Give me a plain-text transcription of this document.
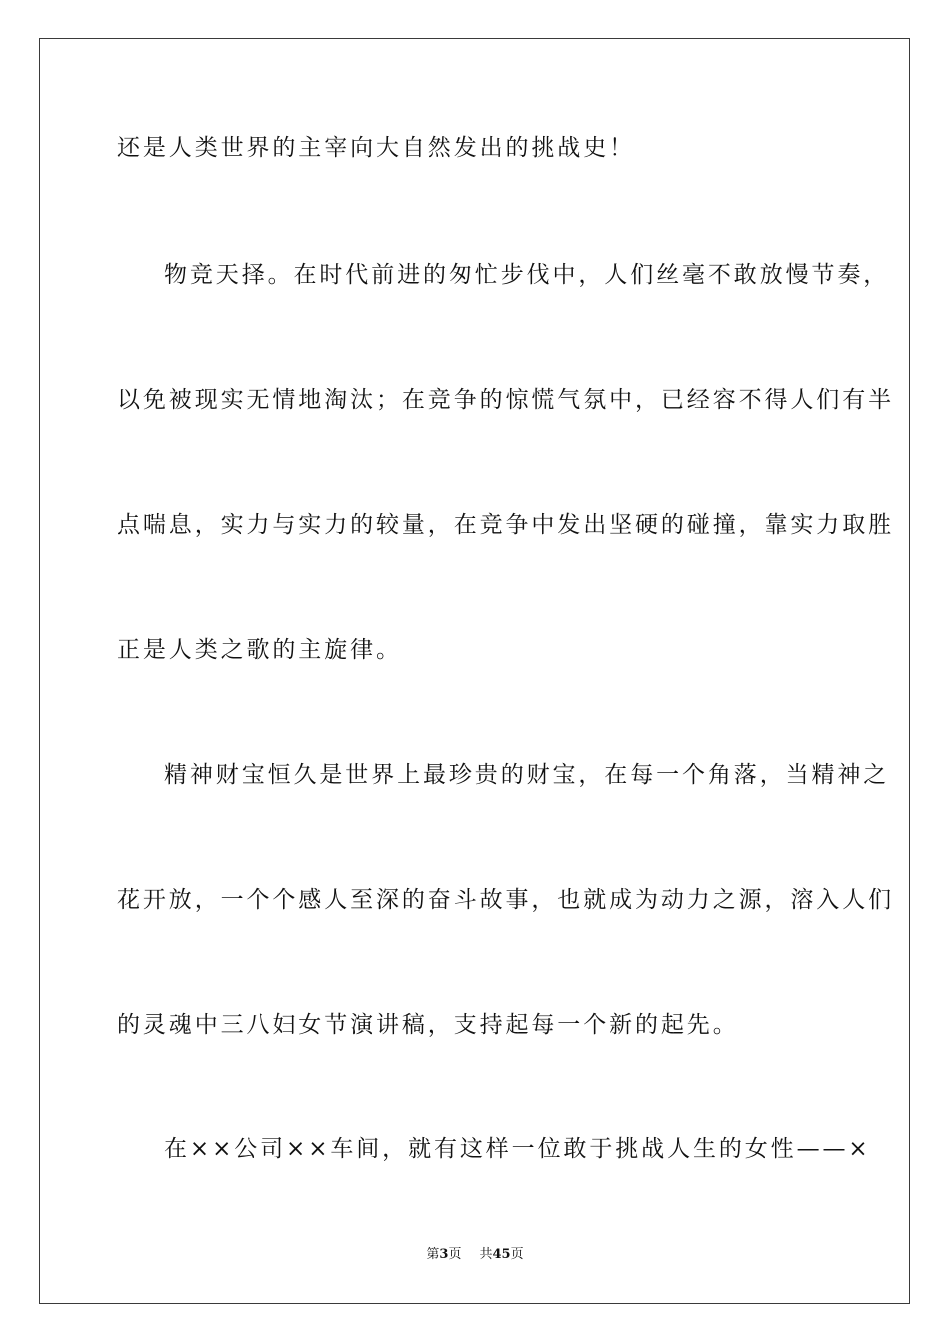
还是人类世界的主宰向大自然发出的挑战史！
物竞天择。在时代前进的匆忙步伐中，人们丝毫不敢放慢节奏，
以免被现实无情地淘汰；在竞争的惊慌气氛中，已经容不得人们有半
点喘息，实力与实力的较量，在竞争中发出坚硬的碰撞，靠实力取胜
正是人类之歌的主旋律。
精神财宝恒久是世界上最珍贵的财宝，在每一个角落，当精神之
花开放，一个个感人至深的奋斗故事，也就成为动力之源，溶入人们
的灵魂中三八妇女节演讲稿，支持起每一个新的起先。
在××公司××车间，就有这样一位敢于挑战人生的女性——×
第3页 共45页
